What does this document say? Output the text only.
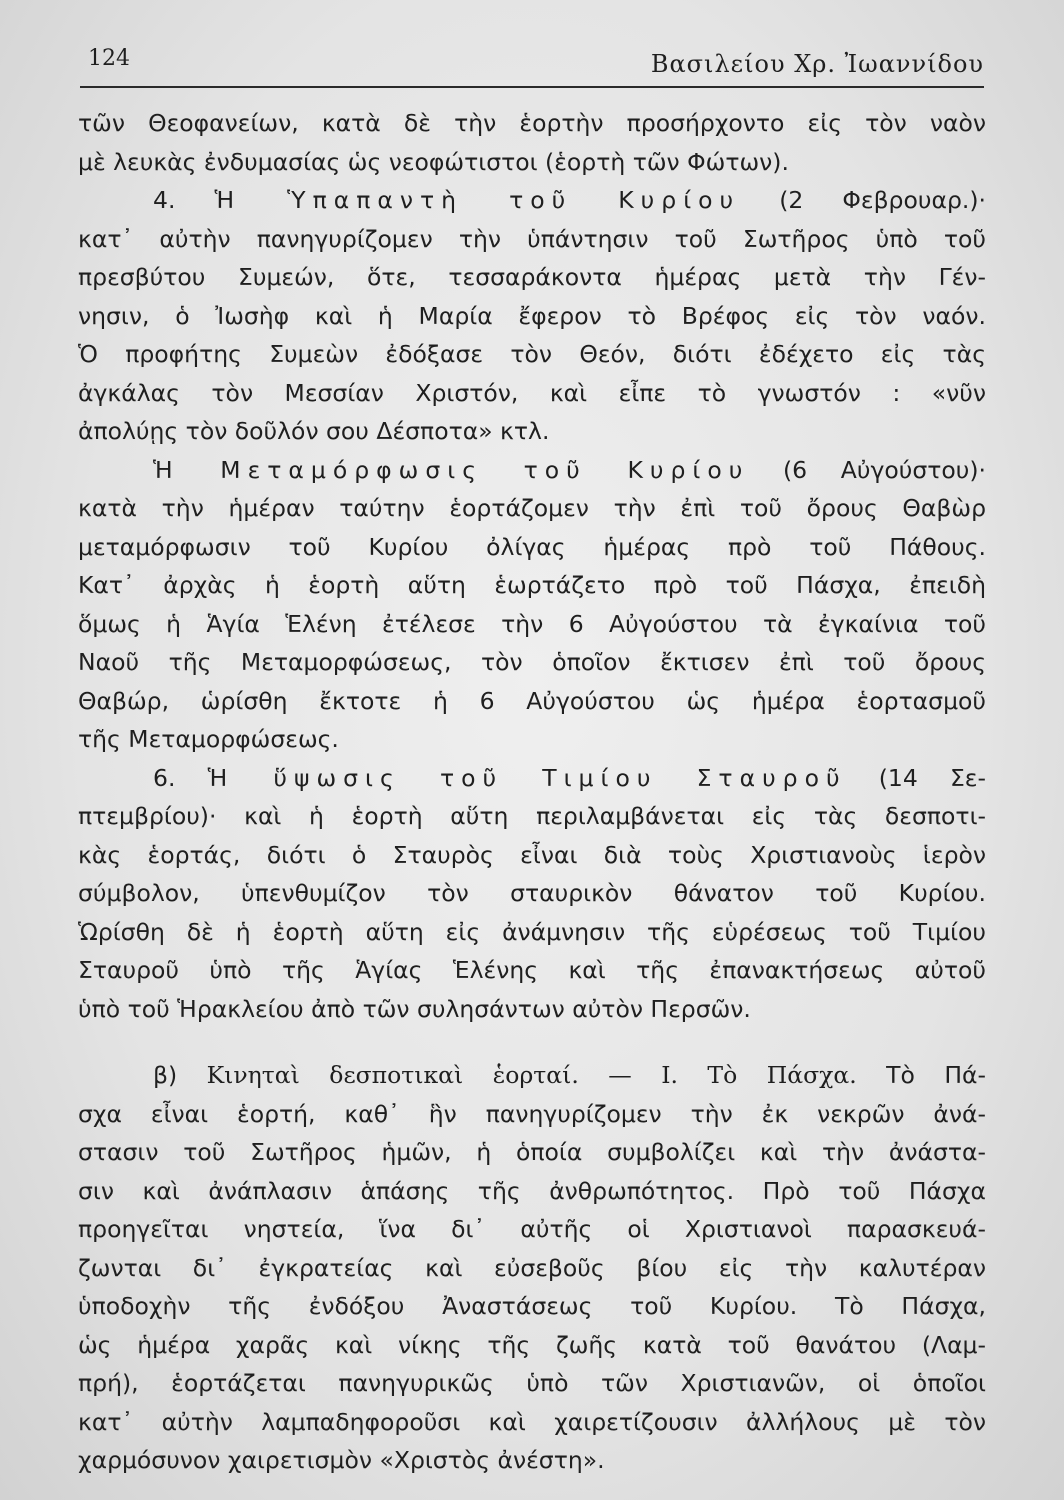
124	Βασιλείου Χρ. Ἰωαννίδου
τῶν Θεοφανείων, κατὰ δὲ τὴν ἑορτὴν προσήρχοντο εἰς τὸν ναὸν
μὲ λευκὰς ἐνδυμασίας ὡς νεοφώτιστοι (ἑορτὴ τῶν Φώτων).
4. Ἡ Ὑπαπαντὴ τοῦ Κυρίου (2 Φεβρουαρ.)·
κατ᾿ αὐτὴν πανηγυρίζομεν τὴν ὑπάντησιν τοῦ Σωτῆρος ὑπὸ τοῦ
πρεσβύτου Συμεών, ὅτε, τεσσαράκοντα ἡμέρας μετὰ τὴν Γέν-
νησιν, ὁ Ἰωσὴφ καὶ ἡ Μαρία ἔφερον τὸ Βρέφος εἰς τὸν ναόν.
Ὁ προφήτης Συμεὼν ἐδόξασε τὸν Θεόν, διότι ἐδέχετο εἰς τὰς
ἀγκάλας τὸν Μεσσίαν Χριστόν, καὶ εἶπε τὸ γνωστόν : «νῦν
ἀπολύῃς τὸν δοῦλόν σου Δέσποτα» κτλ.
Ἡ Μεταμόρφωσις τοῦ Κυρίου (6 Αὐγούστου)·
κατὰ τὴν ἡμέραν ταύτην ἑορτάζομεν τὴν ἐπὶ τοῦ ὄρους Θαβὼρ
μεταμόρφωσιν τοῦ Κυρίου ὀλίγας ἡμέρας πρὸ τοῦ Πάθους.
Κατ᾿ ἀρχὰς ἡ ἑορτὴ αὕτη ἑωρτάζετο πρὸ τοῦ Πάσχα, ἐπειδὴ
ὅμως ἡ Ἁγία Ἑλένη ἐτέλεσε τὴν 6 Αὐγούστου τὰ ἐγκαίνια τοῦ
Ναοῦ τῆς Μεταμορφώσεως, τὸν ὁποῖον ἔκτισεν ἐπὶ τοῦ ὄρους
Θαβώρ, ὡρίσθη ἔκτοτε ἡ 6 Αὐγούστου ὡς ἡμέρα ἑορτασμοῦ
τῆς Μεταμορφώσεως.
6. Ἡ ὕψωσις τοῦ Τιμίου Σταυροῦ (14 Σε-
πτεμβρίου)· καὶ ἡ ἑορτὴ αὕτη περιλαμβάνεται εἰς τὰς δεσποτι-
κὰς ἑορτάς, διότι ὁ Σταυρὸς εἶναι διὰ τοὺς Χριστιανοὺς ἱερὸν
σύμβολον, ὑπενθυμίζον τὸν σταυρικὸν θάνατον τοῦ Κυρίου.
Ὡρίσθη δὲ ἡ ἑορτὴ αὕτη εἰς ἀνάμνησιν τῆς εὑρέσεως τοῦ Τιμίου
Σταυροῦ ὑπὸ τῆς Ἁγίας Ἑλένης καὶ τῆς ἐπανακτήσεως αὐτοῦ
ὑπὸ τοῦ Ἡρακλείου ἀπὸ τῶν συλησάντων αὐτὸν Περσῶν.
β) Κινηταὶ δεσποτικαὶ ἑορταί. — I. Τὸ Πάσχα. Τὸ Πά-
σχα εἶναι ἑορτή, καθ᾿ ἣν πανηγυρίζομεν τὴν ἐκ νεκρῶν ἀνά-
στασιν τοῦ Σωτῆρος ἡμῶν, ἡ ὁποία συμβολίζει καὶ τὴν ἀνάστα-
σιν καὶ ἀνάπλασιν ἁπάσης τῆς ἀνθρωπότητος. Πρὸ τοῦ Πάσχα
προηγεῖται νηστεία, ἵνα δι᾿ αὐτῆς οἱ Χριστιανοὶ παρασκευά-
ζωνται δι᾿ ἐγκρατείας καὶ εὐσεβοῦς βίου εἰς τὴν καλυτέραν
ὑποδοχὴν τῆς ἐνδόξου Ἀναστάσεως τοῦ Κυρίου. Τὸ Πάσχα,
ὡς ἡμέρα χαρᾶς καὶ νίκης τῆς ζωῆς κατὰ τοῦ θανάτου (Λαμ-
πρή), ἑορτάζεται πανηγυρικῶς ὑπὸ τῶν Χριστιανῶν, οἱ ὁποῖοι
κατ᾿ αὐτὴν λαμπαδηφοροῦσι καὶ χαιρετίζουσιν ἀλλήλους μὲ τὸν
χαρμόσυνον χαιρετισμὸν «Χριστὸς ἀνέστη».
